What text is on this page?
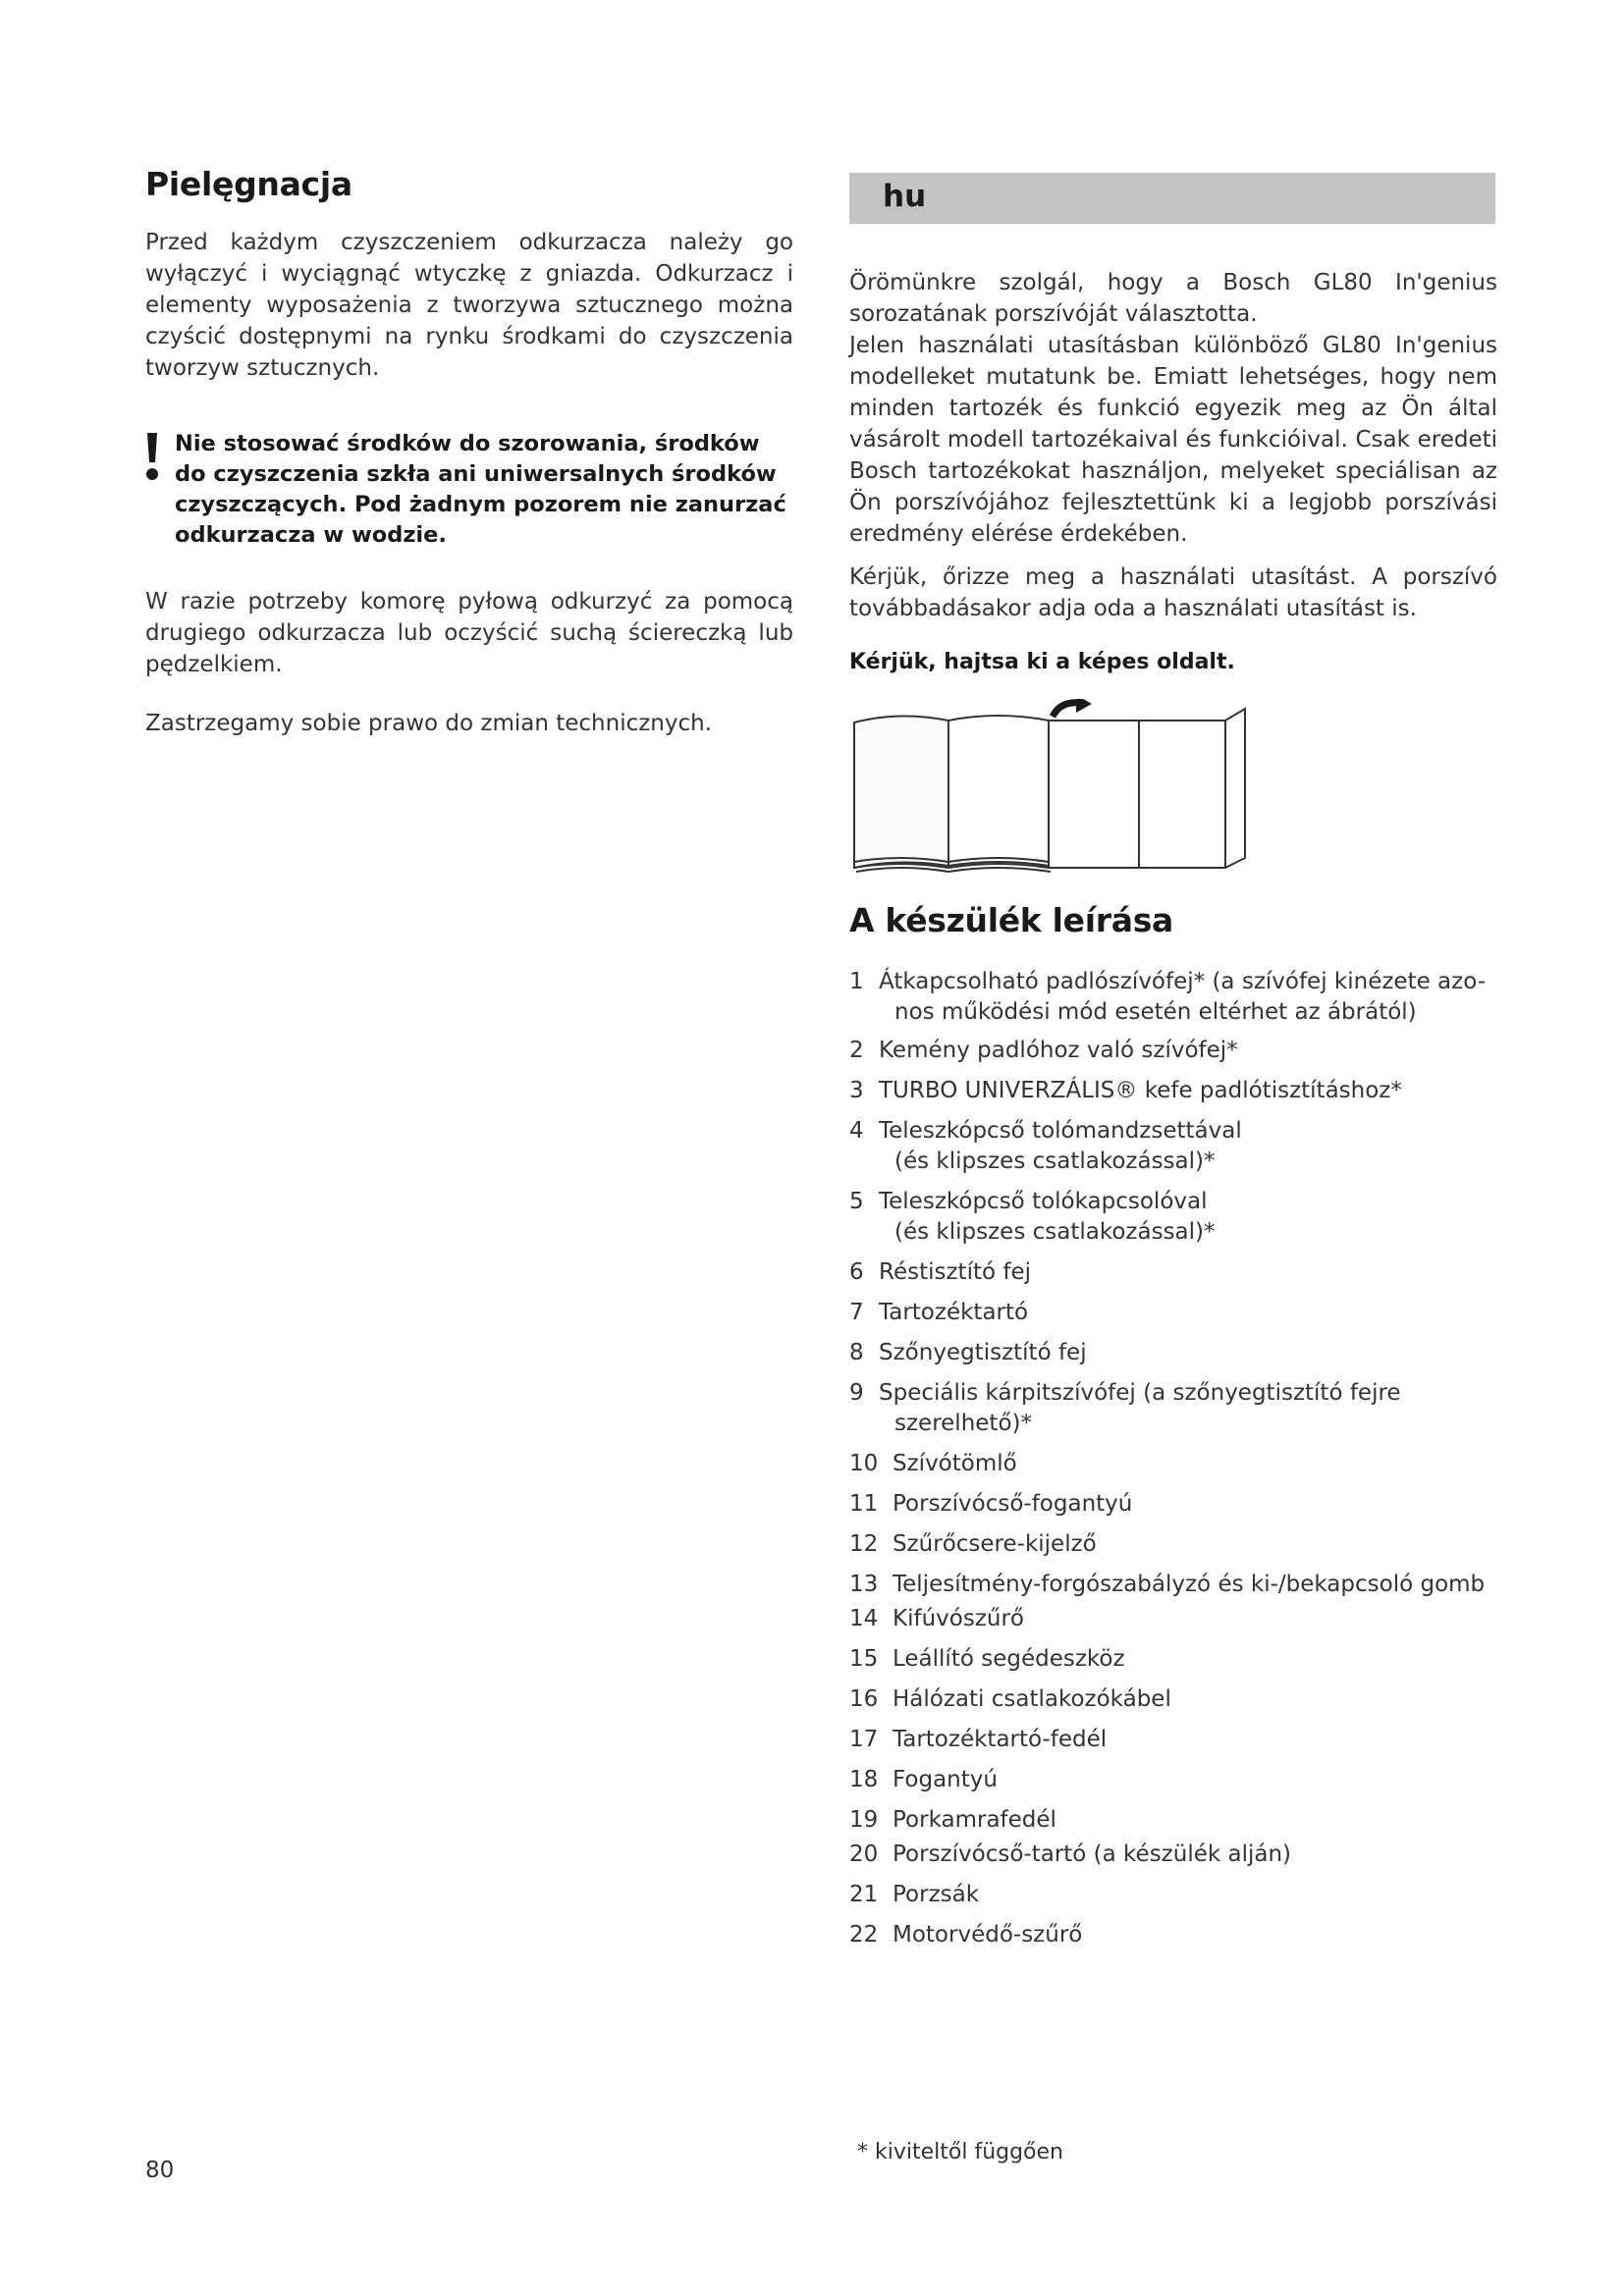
Pielęgnacja

Przed każdym czyszczeniem odkurzacza należy go wyłączyć i wyciągnąć wtyczkę z gniazda. Odkurzacz i elementy wyposażenia z tworzywa sztucznego można czyścić dostępnymi na rynku środkami do czyszczenia tworzyw sztucznych.

Nie stosować środków do szorowania, środków do czyszczenia szkła ani uniwersalnych środków czyszczących. Pod żadnym pozorem nie zanurzać odkurzacza w wodzie.

W razie potrzeby komorę pyłową odkurzyć za pomocą drugiego odkurzacza lub oczyścić suchą ściereczką lub pędzelkiem.

Zastrzegamy sobie prawo do zmian technicznych.

hu

Örömünkre szolgál, hogy a Bosch GL80 In'genius sorozatának porszívóját választotta.

Jelen használati utasításban különböző GL80 In'genius modelleket mutatunk be. Emiatt lehetséges, hogy nem minden tartozék és funkció egyezik meg az Ön által vásárolt modell tartozékaival és funkcióival. Csak eredeti Bosch tartozékokat használjon, melyeket speciálisan az Ön porszívójához fejlesztettünk ki a legjobb porszívási eredmény elérése érdekében.

Kérjük, őrizze meg a használati utasítást. A porszívó továbbadásakor adja oda a használati utasítást is.

Kérjük, hajtsa ki a képes oldalt.

A készülék leírása
1 Átkapcsolható padlószívófej* (a szívófej kinézete azo-
nos működési mód esetén eltérhet az ábrától)
2 Kemény padlóhoz való szívófej*
3 TURBO UNIVERZÁLIS® kefe padlótisztításhoz*
4 Teleszkópcső tolómandzsettával
(és klipszes csatlakozással)*
5 Teleszkópcső tolókapcsolóval
(és klipszes csatlakozással)*
6 Réstisztító fej
7 Tartozéktartó
8 Szőnyegtisztító fej
9 Speciális kárpitszívófej (a szőnyegtisztító fejre
szerelhető)*
10 Szívótömlő
11 Porszívócső-fogantyú
12 Szűrőcsere-kijelző
13 Teljesítmény-forgószabályzó és ki-/bekapcsoló gomb
14 Kifúvószűrő
15 Leállító segédeszköz
16 Hálózati csatlakozókábel
17 Tartozéktartó-fedél
18 Fogantyú
19 Porkamrafedél
20 Porszívócső-tartó (a készülék alján)
21 Porzsák
22 Motorvédő-szűrő
* kiviteltől függően
80
